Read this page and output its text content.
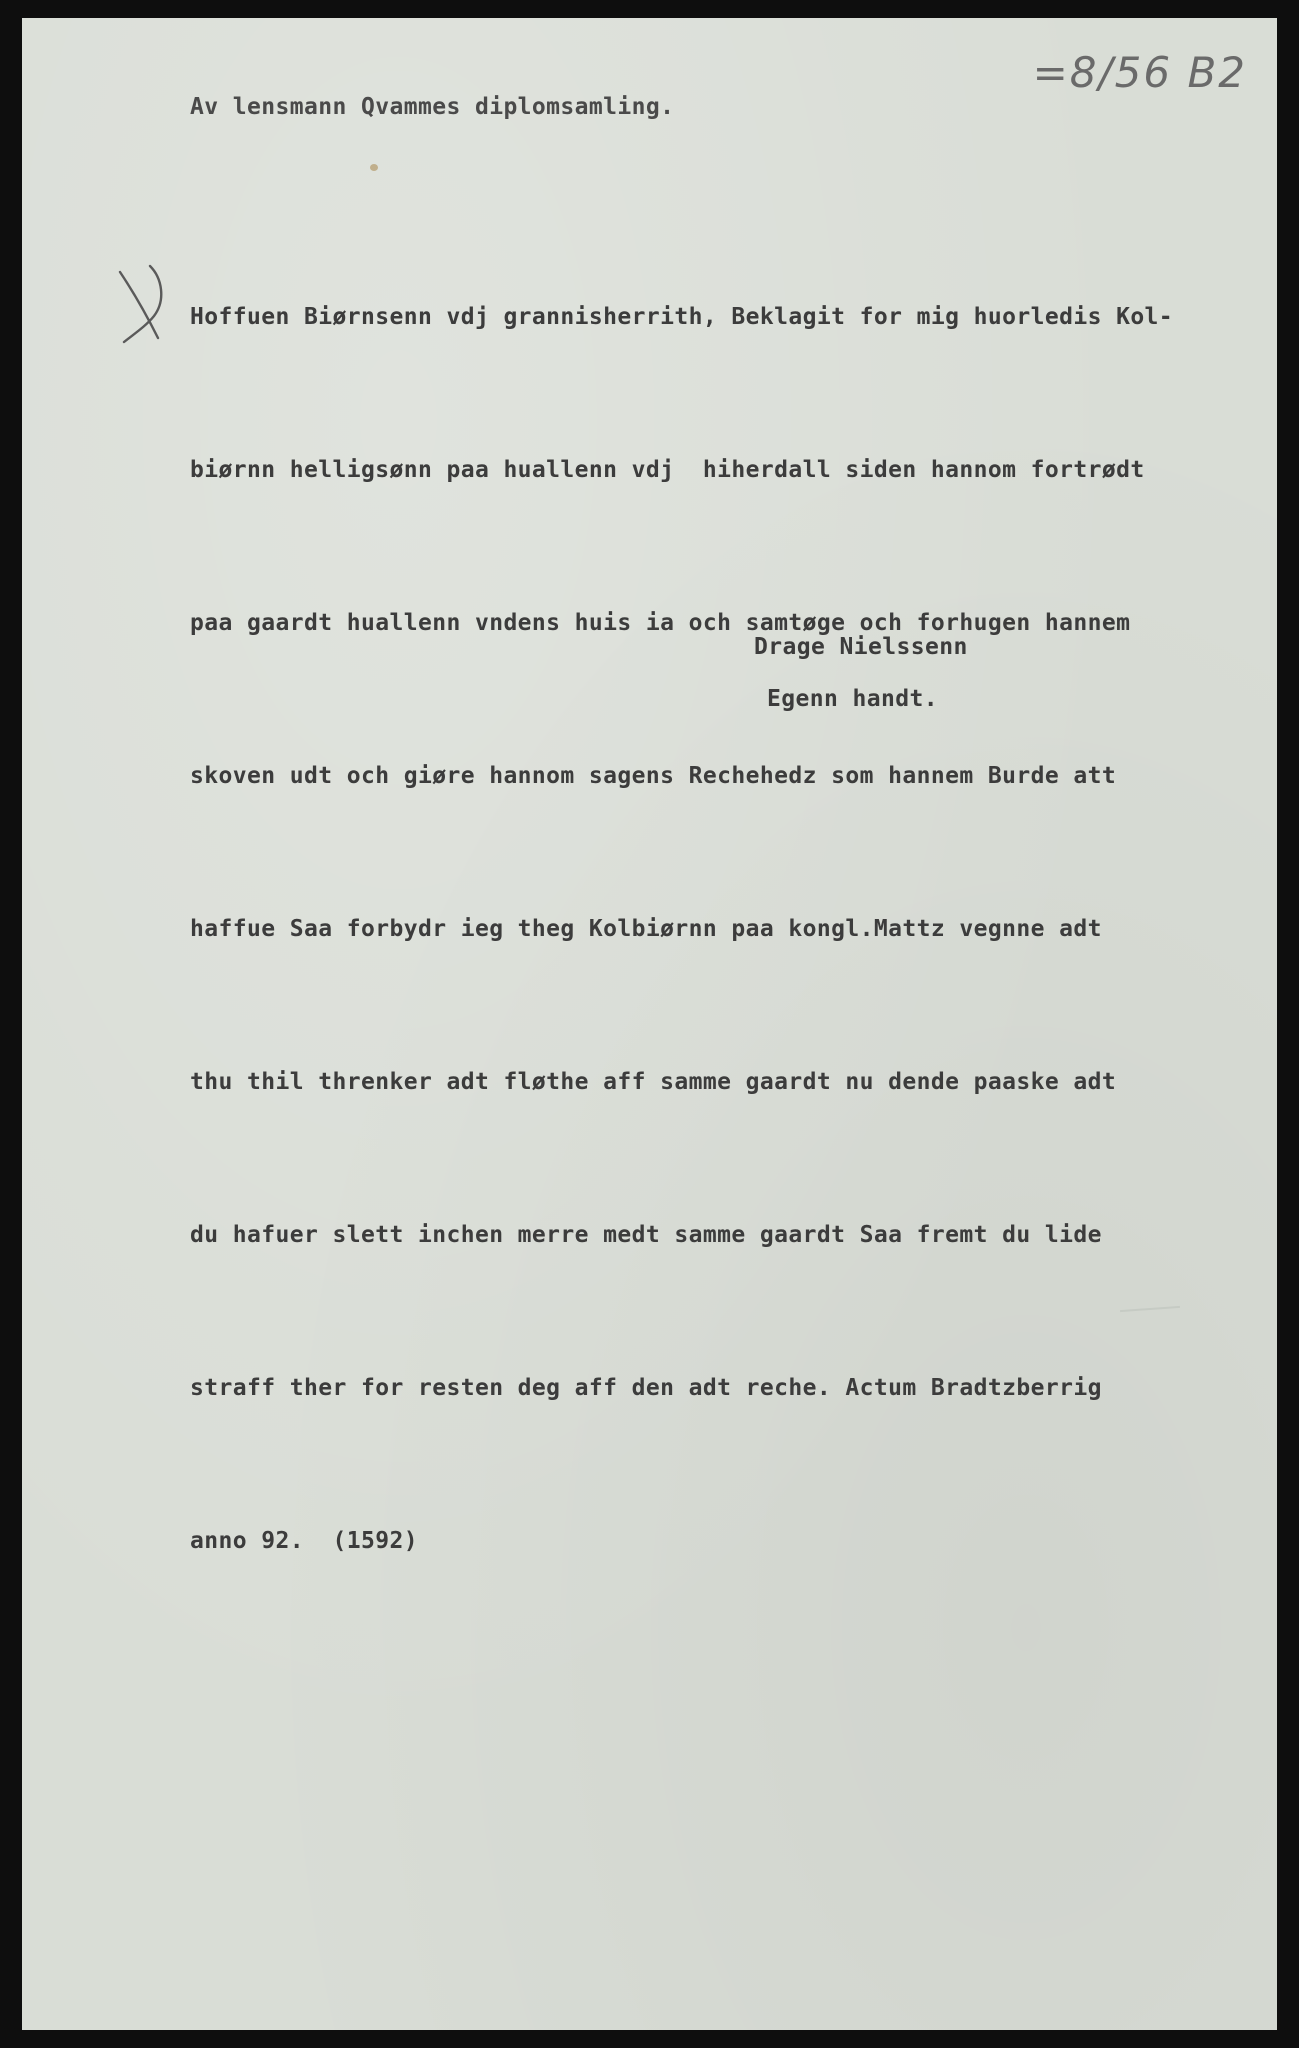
=8/56 B2

Av lensmann Qvammes diplomsamling.

Hoffuen Biørnsenn vdj grannisherrith, Beklagit for mig huorledis Kol-

biørnn helligsønn paa huallenn vdj  hiherdall siden hannom fortrødt

paa gaardt huallenn vndens huis ia och samtøge och forhugen hannem

skoven udt och giøre hannom sagens Rechehedz som hannem Burde att

haffue Saa forbydr ieg theg Kolbiørnn paa kongl.Mattz vegnne adt

thu thil threnker adt fløthe aff samme gaardt nu dende paaske adt

du hafuer slett inchen merre medt samme gaardt Saa fremt du lide

straff ther for resten deg aff den adt reche. Actum Bradtzberrig

anno 92.  (1592)

Drage Nielssenn

Egenn handt.
